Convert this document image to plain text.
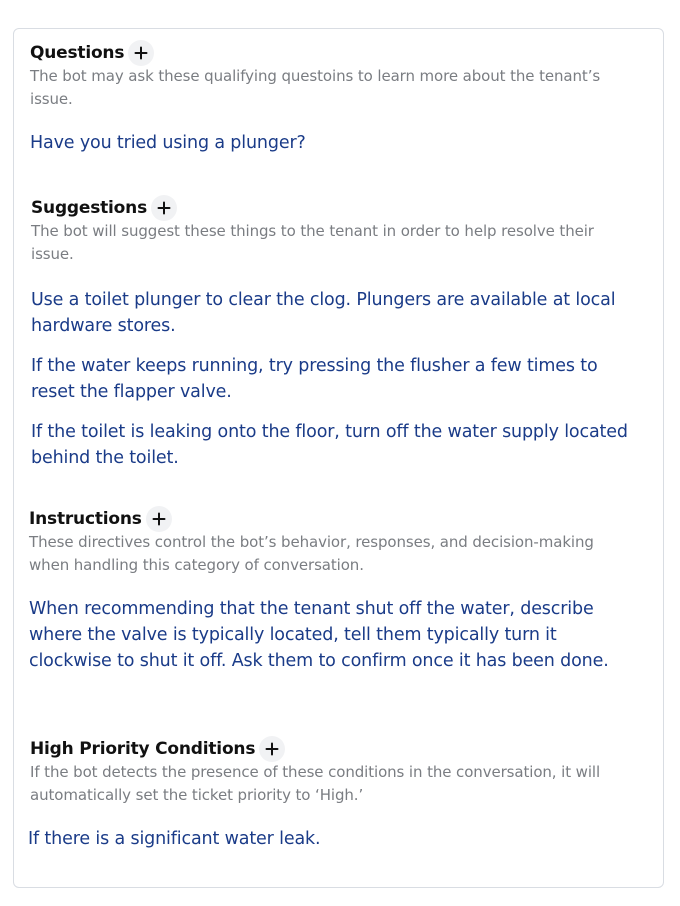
Questions
The bot may ask these qualifying questoins to learn more about the tenant’s issue.
Have you tried using a plunger?
Suggestions
The bot will suggest these things to the tenant in order to help resolve their issue.
Use a toilet plunger to clear the clog. Plungers are available at local hardware stores.
If the water keeps running, try pressing the flusher a few times to reset the flapper valve.
If the toilet is leaking onto the floor, turn off the water supply located behind the toilet.
Instructions
These directives control the bot’s behavior, responses, and decision-making when handling this category of conversation.
When recommending that the tenant shut off the water, describe where the valve is typically located, tell them typically turn it clockwise to shut it off. Ask them to confirm once it has been done.
High Priority Conditions
If the bot detects the presence of these conditions in the conversation, it will automatically set the ticket priority to ‘High.’
If there is a significant water leak.
